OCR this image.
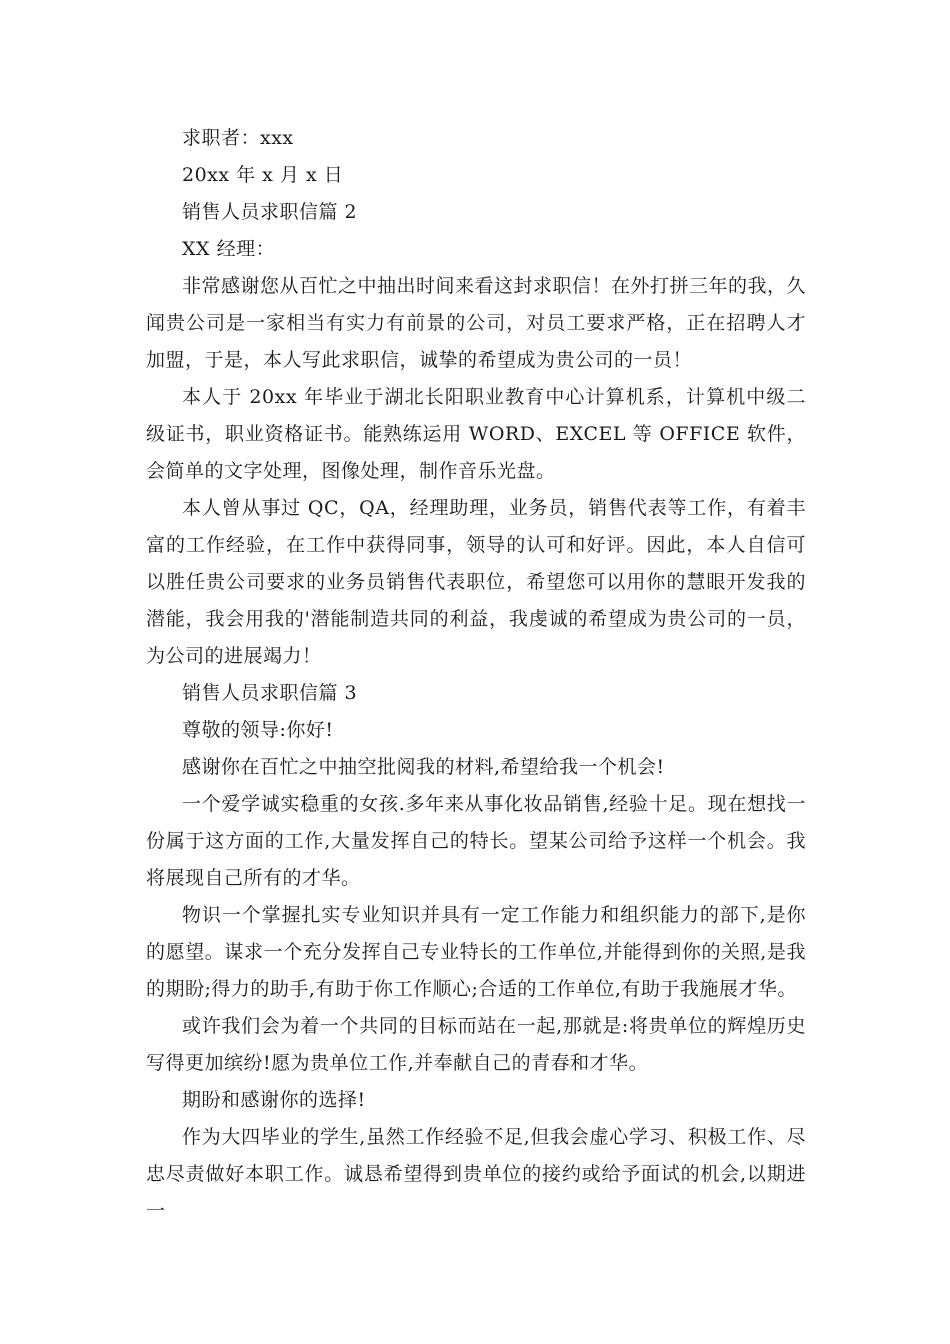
求职者：xxx
20xx 年 x 月 x 日
销售人员求职信篇 2
XX 经理：

非常感谢您从百忙之中抽出时间来看这封求职信！在外打拼三年的我，久闻贵公司是一家相当有实力有前景的公司，对员工要求严格，正在招聘人才加盟，于是，本人写此求职信，诚挚的希望成为贵公司的一员！

本人于 20xx 年毕业于湖北长阳职业教育中心计算机系，计算机中级二级证书，职业资格证书。能熟练运用 WORD、EXCEL 等 OFFICE 软件，会简单的文字处理，图像处理，制作音乐光盘。

本人曾从事过 QC，QA，经理助理，业务员，销售代表等工作，有着丰富的工作经验，在工作中获得同事，领导的认可和好评。因此，本人自信可以胜任贵公司要求的业务员销售代表职位，希望您可以用你的慧眼开发我的潜能，我会用我的'潜能制造共同的利益，我虔诚的希望成为贵公司的一员，为公司的进展竭力！

销售人员求职信篇 3
尊敬的领导:你好!
感谢你在百忙之中抽空批阅我的材料,希望给我一个机会!

一个爱学诚实稳重的女孩.多年来从事化妆品销售,经验十足。现在想找一份属于这方面的工作,大量发挥自己的特长。望某公司给予这样一个机会。我将展现自己所有的才华。

物识一个掌握扎实专业知识并具有一定工作能力和组织能力的部下,是你的愿望。谋求一个充分发挥自己专业特长的工作单位,并能得到你的关照,是我的期盼;得力的助手,有助于你工作顺心;合适的工作单位,有助于我施展才华。

或许我们会为着一个共同的目标而站在一起,那就是:将贵单位的辉煌历史写得更加缤纷!愿为贵单位工作,并奉献自己的青春和才华。

期盼和感谢你的选择!

作为大四毕业的学生,虽然工作经验不足,但我会虚心学习、积极工作、尽忠尽责做好本职工作。诚恳希望得到贵单位的接约或给予面试的机会,以期进一
